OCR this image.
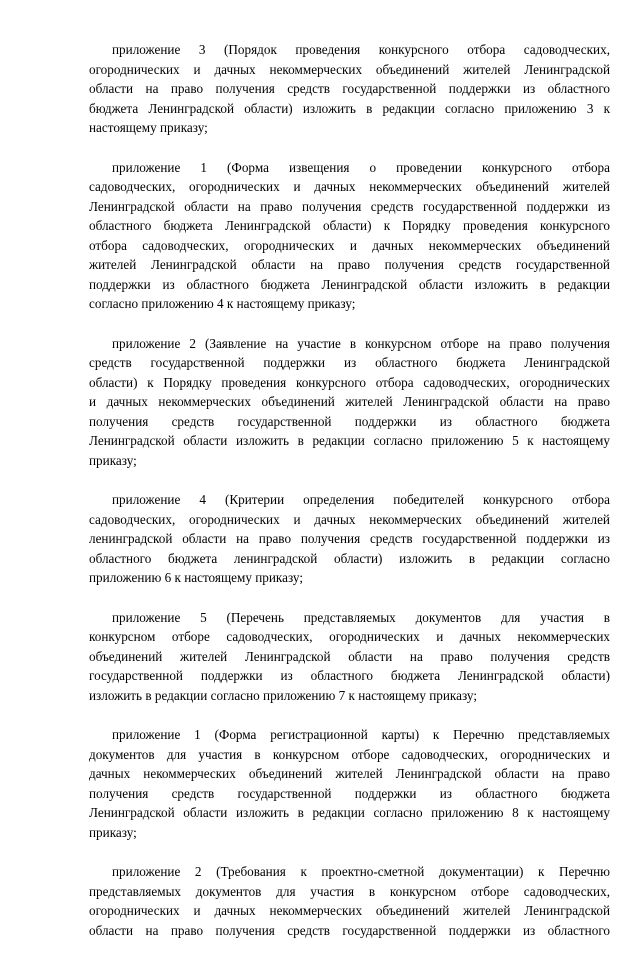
приложение 3 (Порядок проведения конкурсного отбора садоводческих,
огороднических и дачных некоммерческих объединений жителей Ленинградской
области на право получения средств государственной поддержки из областного
бюджета Ленинградской области) изложить в редакции согласно приложению 3 к
настоящему приказу;
приложение 1 (Форма извещения о проведении конкурсного отбора
садоводческих, огороднических и дачных некоммерческих объединений жителей
Ленинградской области на право получения средств государственной поддержки из
областного бюджета Ленинградской области) к Порядку проведения конкурсного
отбора садоводческих, огороднических и дачных некоммерческих объединений
жителей Ленинградской области на право получения средств государственной
поддержки из областного бюджета Ленинградской области изложить в редакции
согласно приложению 4 к настоящему приказу;
приложение 2 (Заявление на участие в конкурсном отборе на право получения
средств государственной поддержки из областного бюджета Ленинградской
области) к Порядку проведения конкурсного отбора садоводческих, огороднических
и дачных некоммерческих объединений жителей Ленинградской области на право
получения средств государственной поддержки из областного бюджета
Ленинградской области изложить в редакции согласно приложению 5 к настоящему
приказу;
приложение 4 (Критерии определения победителей конкурсного отбора
садоводческих, огороднических и дачных некоммерческих объединений жителей
ленинградской области на право получения средств государственной поддержки из
областного бюджета ленинградской области) изложить в редакции согласно
приложению 6 к настоящему приказу;
приложение 5 (Перечень представляемых документов для участия в
конкурсном отборе садоводческих, огороднических и дачных некоммерческих
объединений жителей Ленинградской области на право получения средств
государственной поддержки из областного бюджета Ленинградской области)
изложить в редакции согласно приложению 7 к настоящему приказу;
приложение 1 (Форма регистрационной карты) к Перечню представляемых
документов для участия в конкурсном отборе садоводческих, огороднических и
дачных некоммерческих объединений жителей Ленинградской области на право
получения средств государственной поддержки из областного бюджета
Ленинградской области изложить в редакции согласно приложению 8 к настоящему
приказу;
приложение 2 (Требования к проектно-сметной документации) к Перечню
представляемых документов для участия в конкурсном отборе садоводческих,
огороднических и дачных некоммерческих объединений жителей Ленинградской
области на право получения средств государственной поддержки из областного
